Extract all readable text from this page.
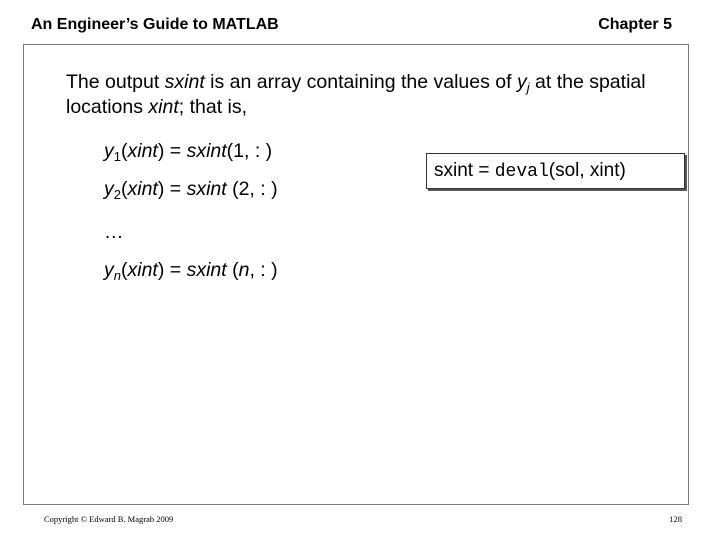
An Engineer’s Guide to MATLAB	Chapter 5
The output sxint is an array containing the values of $y_j$ at the spatial locations xint; that is,
$y_1(xint)$ = sxint(1, : )
$y_2(xint)$ = sxint (2, : )
…
$y_n(xint)$ = sxint (n, : )
sxint = deval(sol, xint)
Copyright © Edward B. Magrab 2009	128
